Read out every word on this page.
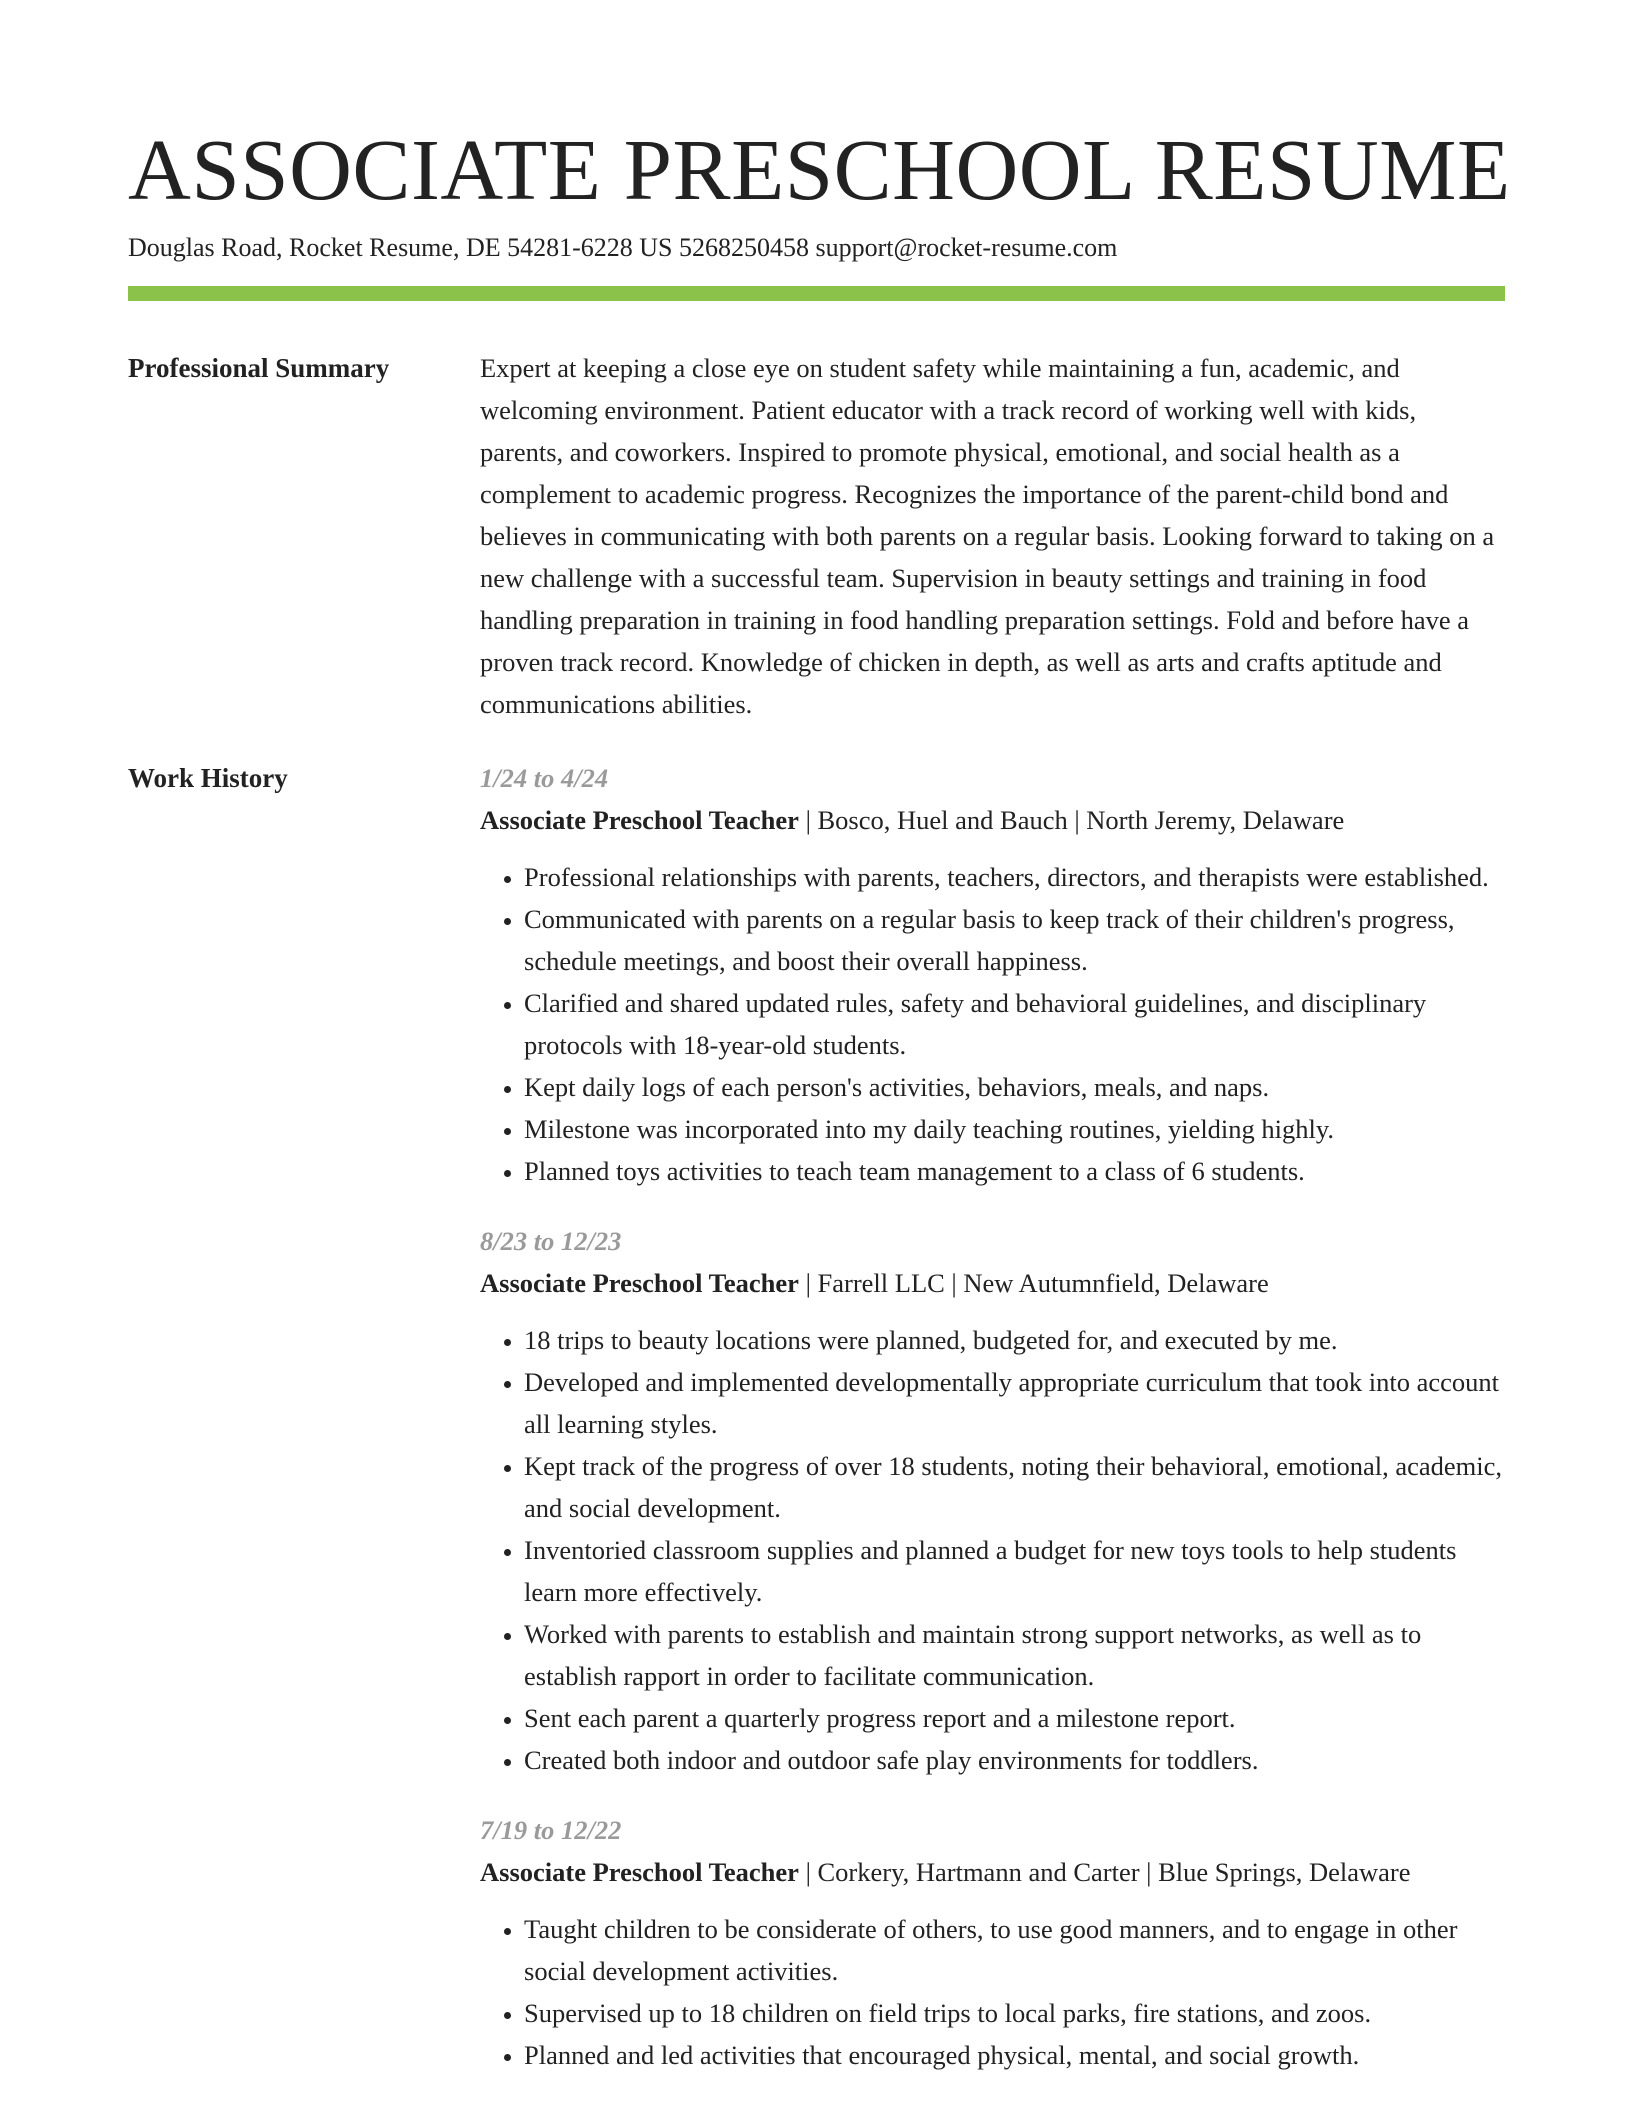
ASSOCIATE PRESCHOOL RESUME
Douglas Road, Rocket Resume, DE 54281-6228 US 5268250458 support@rocket-resume.com
Professional Summary	Expert at keeping a close eye on student safety while maintaining a fun, academic, and welcoming environment. Patient educator with a track record of working well with kids, parents, and coworkers. Inspired to promote physical, emotional, and social health as a complement to academic progress. Recognizes the importance of the parent-child bond and believes in communicating with both parents on a regular basis. Looking forward to taking on a new challenge with a successful team. Supervision in beauty settings and training in food handling preparation in training in food handling preparation settings. Fold and before have a proven track record. Knowledge of chicken in depth, as well as arts and crafts aptitude and communications abilities.

Work History	1/24 to 4/24
Associate Preschool Teacher | Bosco, Huel and Bauch | North Jeremy, Delaware
• Professional relationships with parents, teachers, directors, and therapists were established.
• Communicated with parents on a regular basis to keep track of their children's progress, schedule meetings, and boost their overall happiness.
• Clarified and shared updated rules, safety and behavioral guidelines, and disciplinary protocols with 18-year-old students.
• Kept daily logs of each person's activities, behaviors, meals, and naps.
• Milestone was incorporated into my daily teaching routines, yielding highly.
• Planned toys activities to teach team management to a class of 6 students.
8/23 to 12/23
Associate Preschool Teacher | Farrell LLC | New Autumnfield, Delaware
• 18 trips to beauty locations were planned, budgeted for, and executed by me.
• Developed and implemented developmentally appropriate curriculum that took into account all learning styles.
• Kept track of the progress of over 18 students, noting their behavioral, emotional, academic, and social development.
• Inventoried classroom supplies and planned a budget for new toys tools to help students learn more effectively.
• Worked with parents to establish and maintain strong support networks, as well as to establish rapport in order to facilitate communication.
• Sent each parent a quarterly progress report and a milestone report.
• Created both indoor and outdoor safe play environments for toddlers.
7/19 to 12/22
Associate Preschool Teacher | Corkery, Hartmann and Carter | Blue Springs, Delaware
• Taught children to be considerate of others, to use good manners, and to engage in other social development activities.
• Supervised up to 18 children on field trips to local parks, fire stations, and zoos.
• Planned and led activities that encouraged physical, mental, and social growth.
